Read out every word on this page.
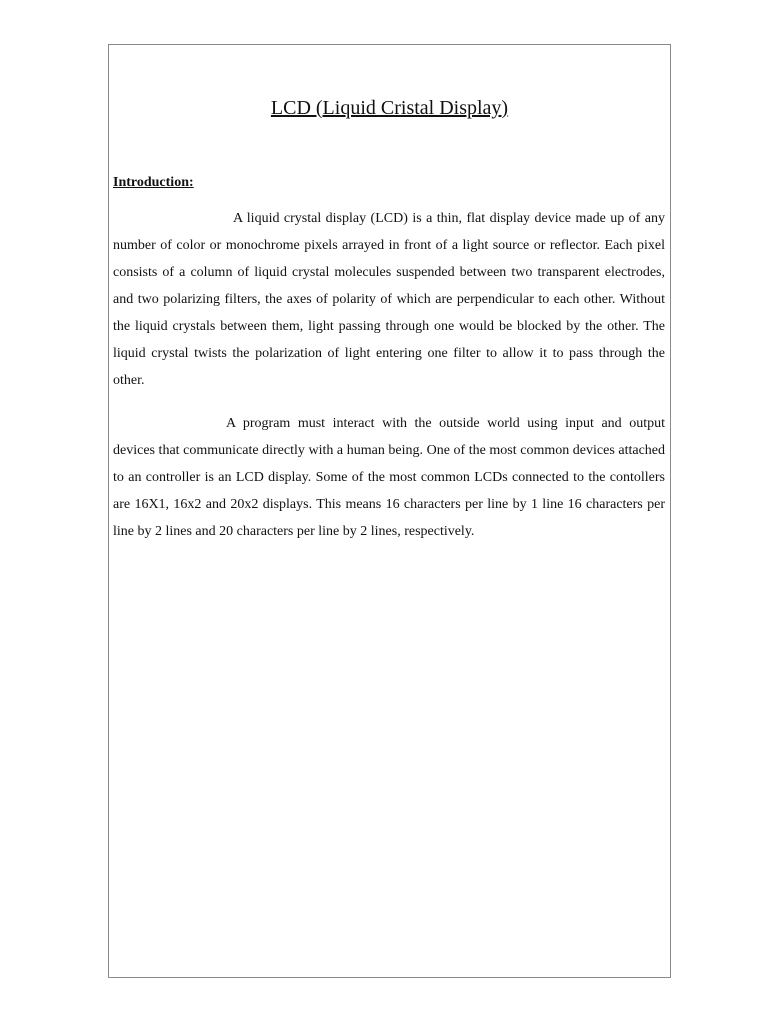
LCD (Liquid Cristal Display)
Introduction:

A liquid crystal display (LCD) is a thin, flat display device made up of any number of color or monochrome pixels arrayed in front of a light source or reflector. Each pixel consists of a column of liquid crystal molecules suspended between two transparent electrodes, and two polarizing filters, the axes of polarity of which are perpendicular to each other. Without the liquid crystals between them, light passing through one would be blocked by the other. The liquid crystal twists the polarization of light entering one filter to allow it to pass through the other.

A program must interact with the outside world using input and output devices that communicate directly with a human being. One of the most common devices attached to an controller is an LCD display. Some of the most common LCDs connected to the contollers are 16X1, 16x2 and 20x2 displays. This means 16 characters per line by 1 line 16 characters per line by 2 lines and 20 characters per line by 2 lines, respectively.
